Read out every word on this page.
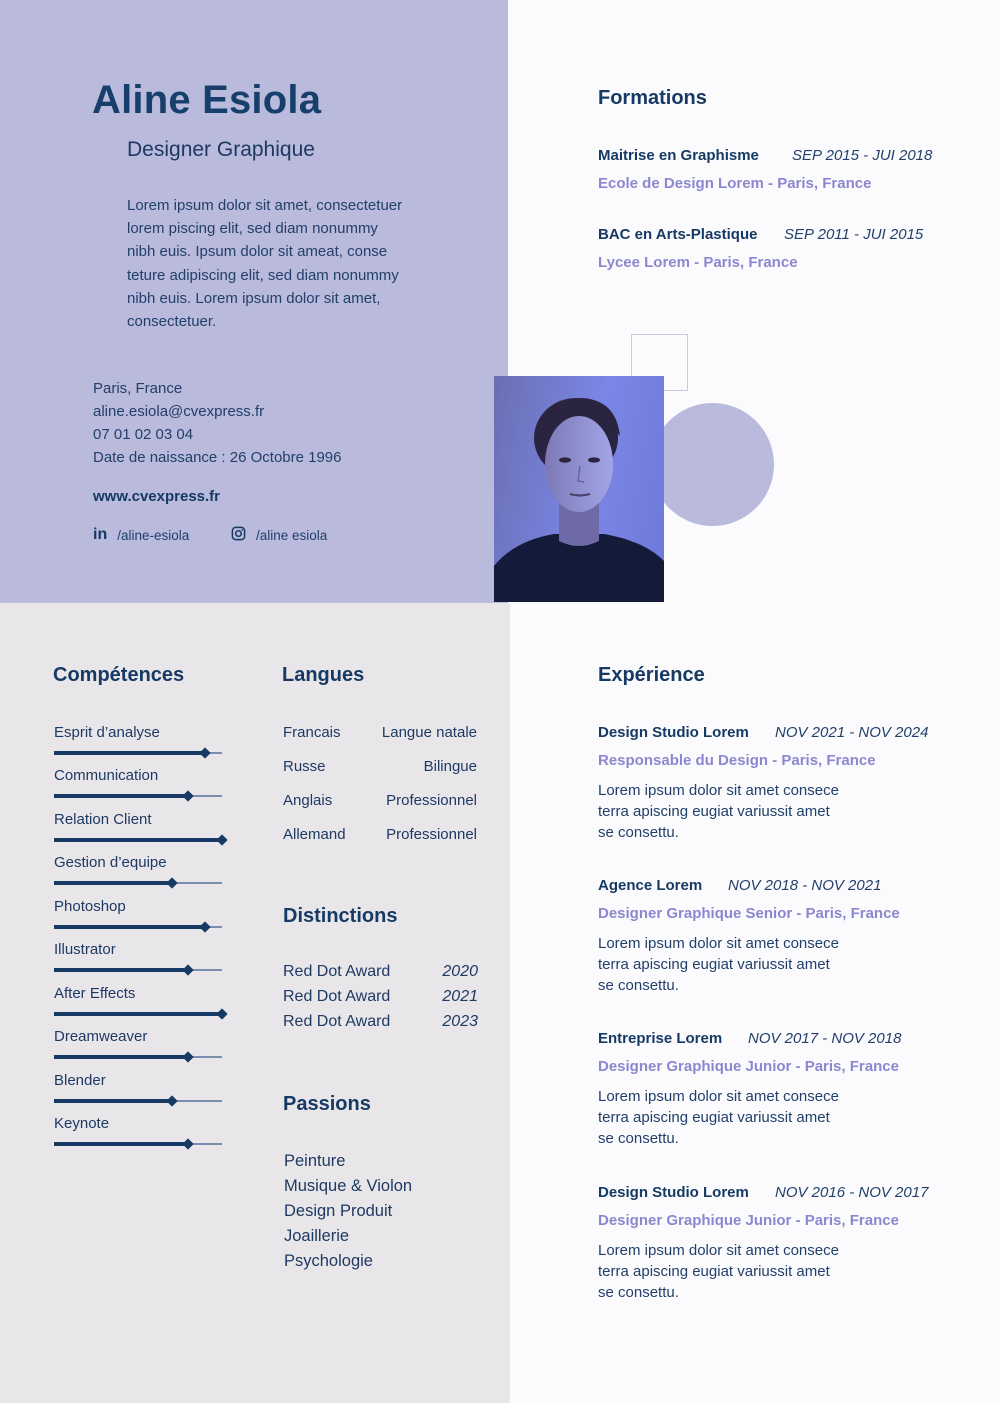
Aline Esiola
Designer Graphique
Lorem ipsum dolor sit amet, consectetuer
lorem piscing elit, sed diam nonummy
nibh euis. Ipsum dolor sit ameat, conse
teture adipiscing elit, sed diam nonummy
nibh euis. Lorem ipsum dolor sit amet,
consectetuer.
Paris, France
aline.esiola@cvexpress.fr
07 01 02 03 04
Date de naissance : 26 Octobre 1996
www.cvexpress.fr
in /aline-esiola	/aline esiola
Formations
Maitrise en Graphisme SEP 2015 - JUI 2018
Ecole de Design Lorem - Paris, France
BAC en Arts-Plastique SEP 2011 - JUI 2015
Lycee Lorem - Paris, France
Compétences
Esprit d’analyse
Communication
Relation Client
Gestion d’equipe
Photoshop
Illustrator
After Effects
Dreamweaver
Blender
Keynote
Langues
Francais	Langue natale
Russe	Bilingue
Anglais	Professionnel
Allemand	Professionnel
Distinctions
Red Dot Award	2020
Red Dot Award	2021
Red Dot Award	2023
Passions
Peinture
Musique & Violon
Design Produit
Joaillerie
Psychologie
Expérience
Design Studio Lorem NOV 2021 - NOV 2024
Responsable du Design - Paris, France
Lorem ipsum dolor sit amet consece
terra apiscing eugiat variussit amet
se consettu.
Agence Lorem NOV 2018 - NOV 2021
Designer Graphique Senior - Paris, France
Lorem ipsum dolor sit amet consece
terra apiscing eugiat variussit amet
se consettu.
Entreprise Lorem NOV 2017 - NOV 2018
Designer Graphique Junior - Paris, France
Lorem ipsum dolor sit amet consece
terra apiscing eugiat variussit amet
se consettu.
Design Studio Lorem NOV 2016 - NOV 2017
Designer Graphique Junior - Paris, France
Lorem ipsum dolor sit amet consece
terra apiscing eugiat variussit amet
se consettu.
